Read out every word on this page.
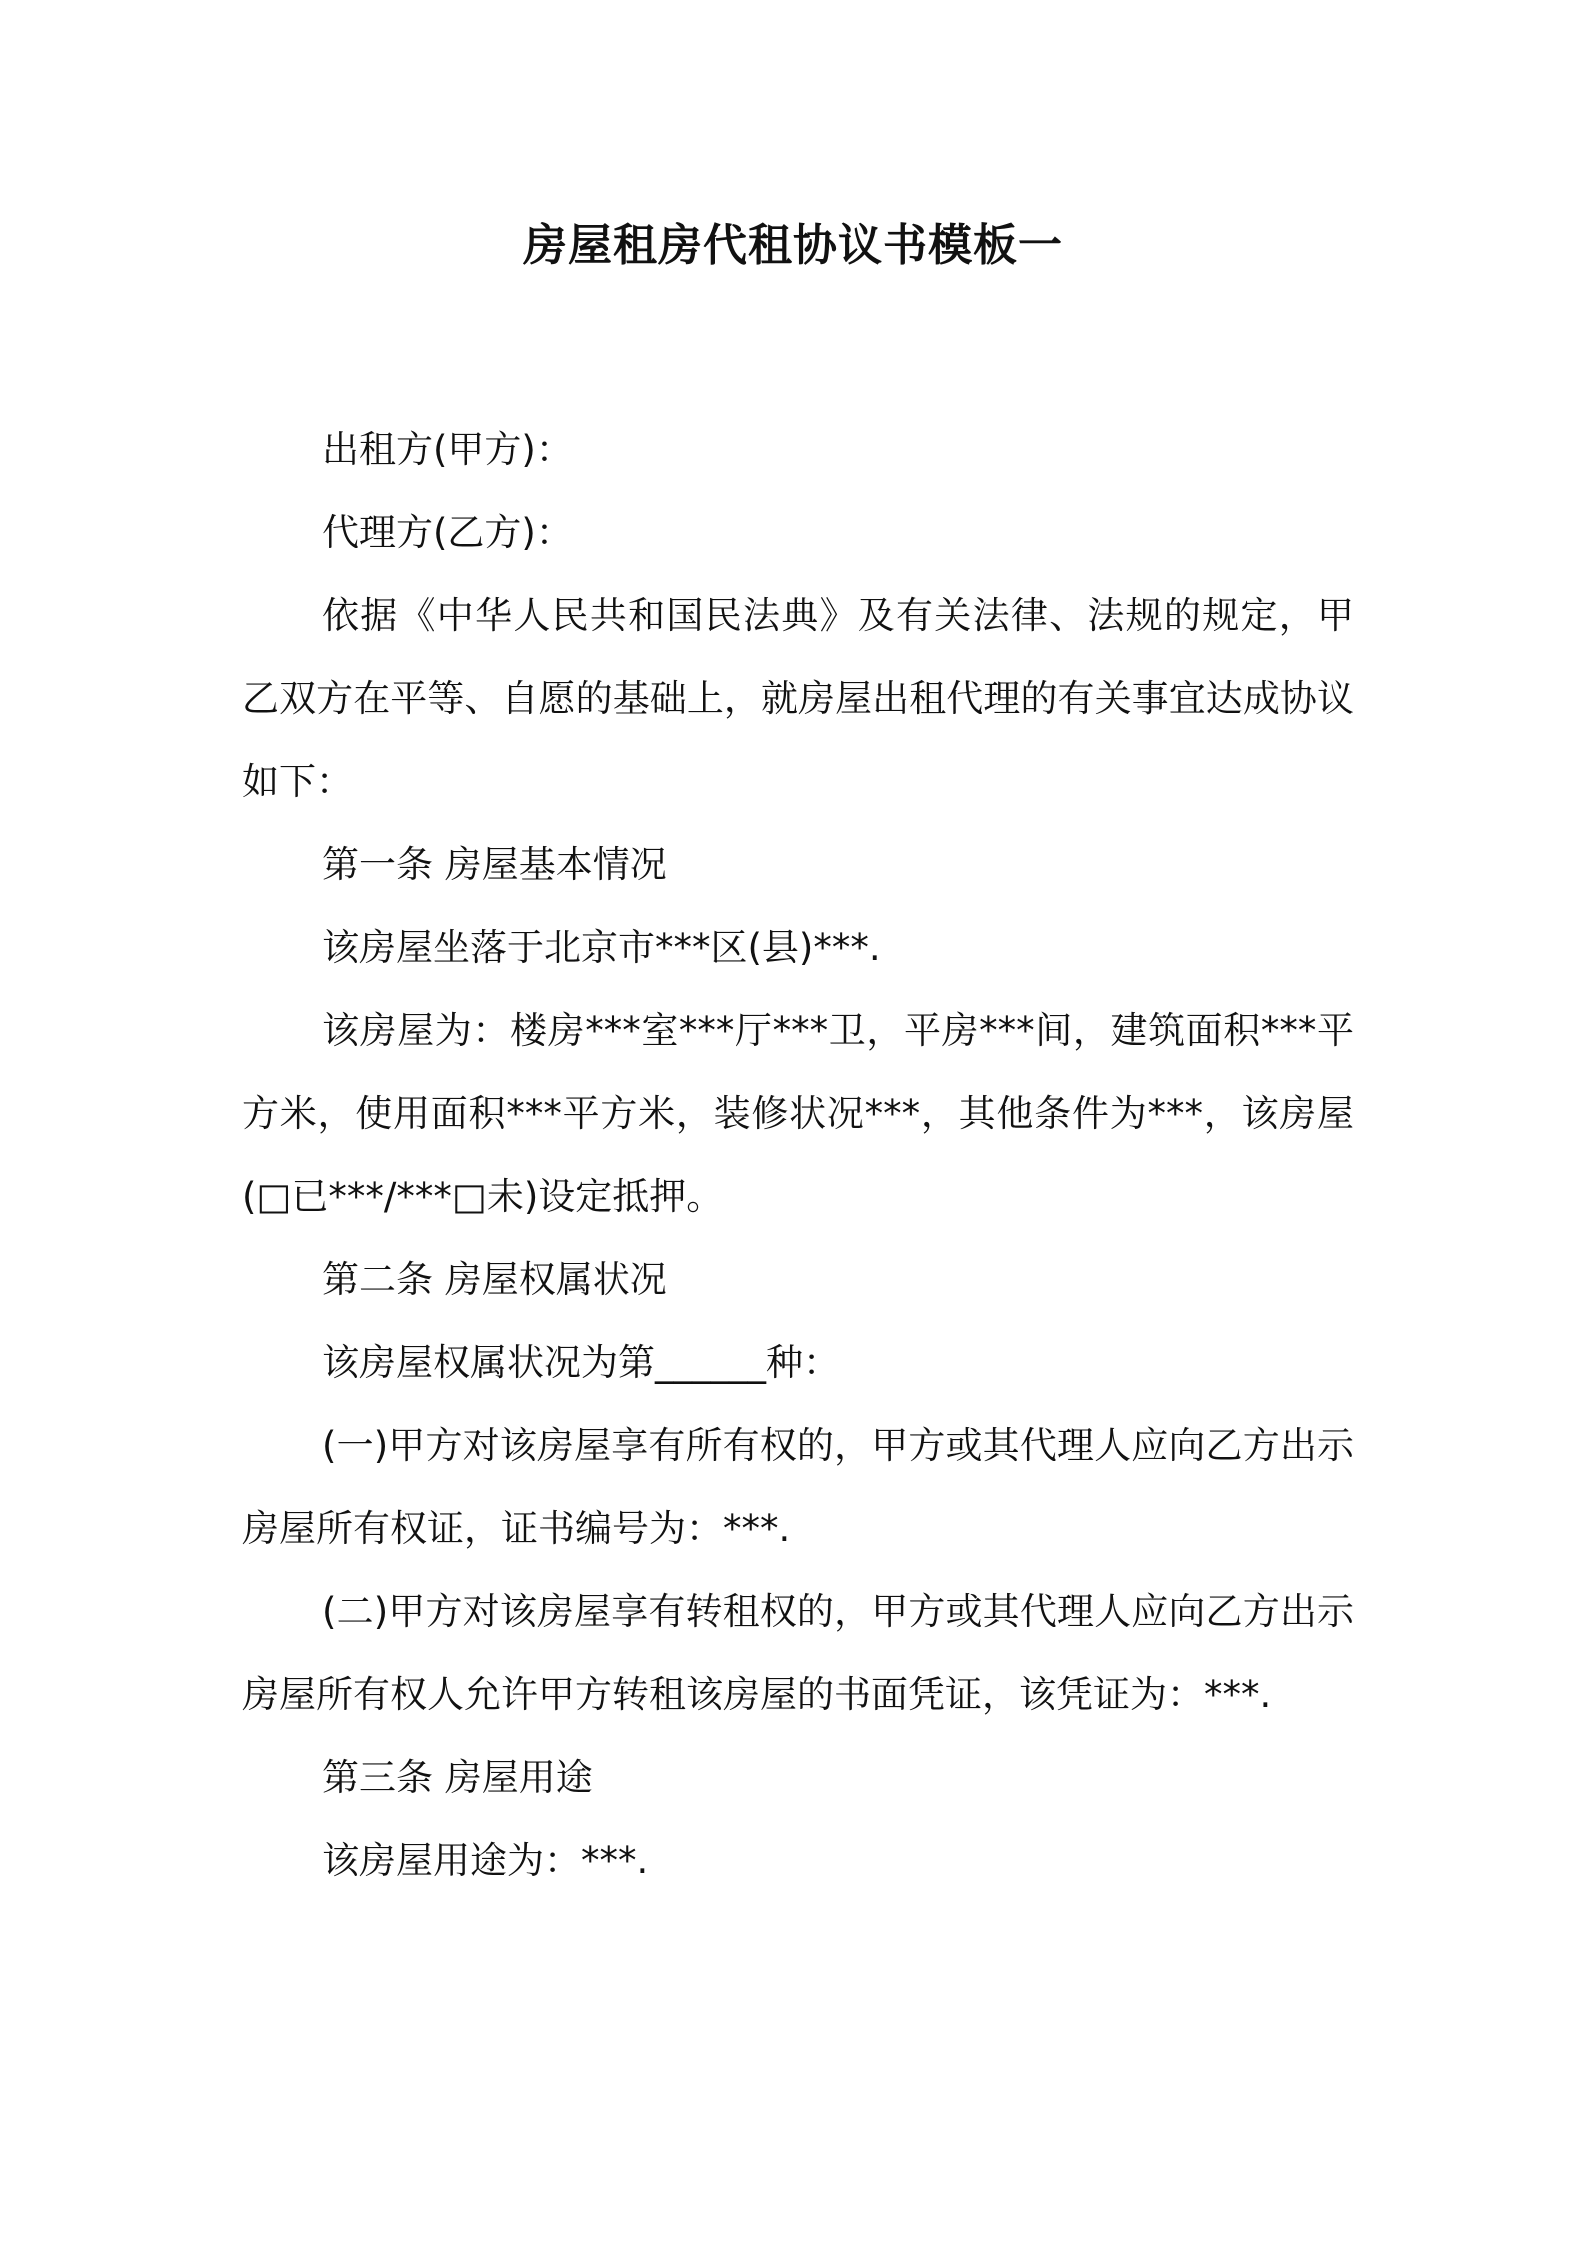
房屋租房代租协议书模板一

出租方(甲方)：

代理方(乙方)：

依据《中华人民共和国民法典》及有关法律、法规的规定，甲乙双方在平等、自愿的基础上，就房屋出租代理的有关事宜达成协议如下：

第一条 房屋基本情况

该房屋坐落于北京市***区(县)***.

该房屋为：楼房***室***厅***卫，平房***间，建筑面积***平方米，使用面积***平方米，装修状况***，其他条件为***，该房屋(□已***/***□未)设定抵押。

第二条 房屋权属状况

该房屋权属状况为第______种：

(一)甲方对该房屋享有所有权的，甲方或其代理人应向乙方出示房屋所有权证，证书编号为：***.

(二)甲方对该房屋享有转租权的，甲方或其代理人应向乙方出示房屋所有权人允许甲方转租该房屋的书面凭证，该凭证为：***.

第三条 房屋用途

该房屋用途为：***.
